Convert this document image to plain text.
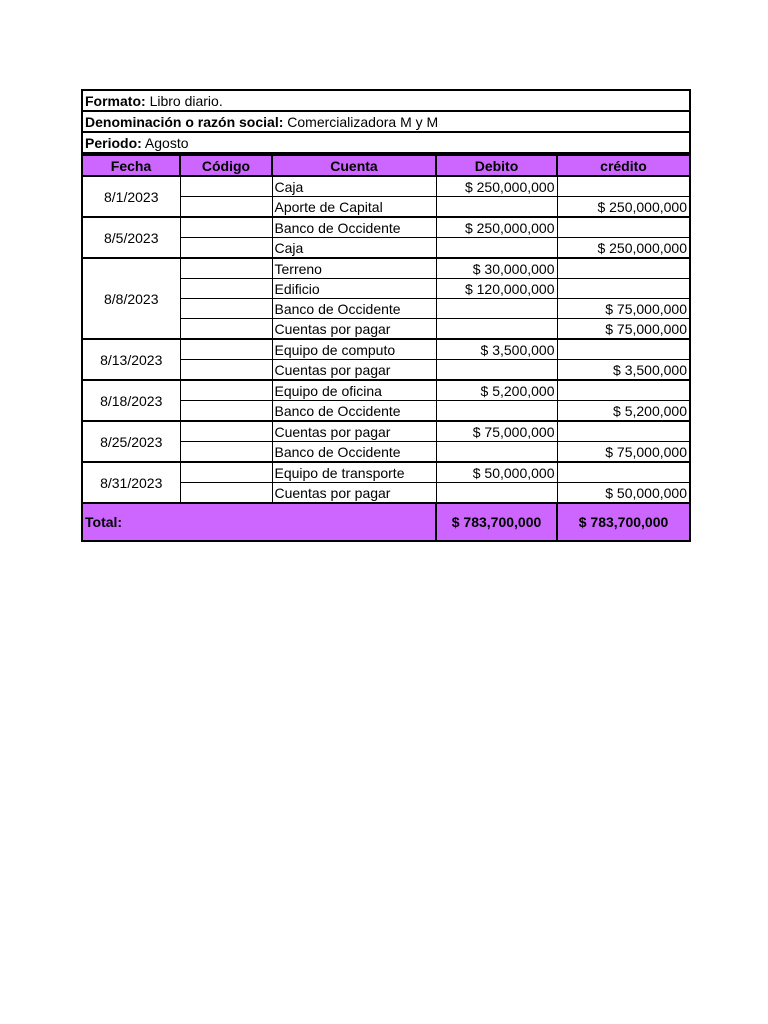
Formato: Libro diario.
Denominación o razón social: Comercializadora M y M
Periodo: Agosto
Fecha	Código	Cuenta	Debito	crédito
8/1/2023		Caja	$ 250,000,000	
		Aporte de Capital		$ 250,000,000
8/5/2023		Banco de Occidente	$ 250,000,000	
		Caja		$ 250,000,000
8/8/2023		Terreno	$ 30,000,000	
		Edificio	$ 120,000,000	
		Banco de Occidente		$ 75,000,000
		Cuentas por pagar		$ 75,000,000
8/13/2023		Equipo de computo	$ 3,500,000	
		Cuentas por pagar		$ 3,500,000
8/18/2023		Equipo de oficina	$ 5,200,000	
		Banco de Occidente		$ 5,200,000
8/25/2023		Cuentas por pagar	$ 75,000,000	
		Banco de Occidente		$ 75,000,000
8/31/2023		Equipo de transporte	$ 50,000,000	
		Cuentas por pagar		$ 50,000,000
Total:			$ 783,700,000	$ 783,700,000
